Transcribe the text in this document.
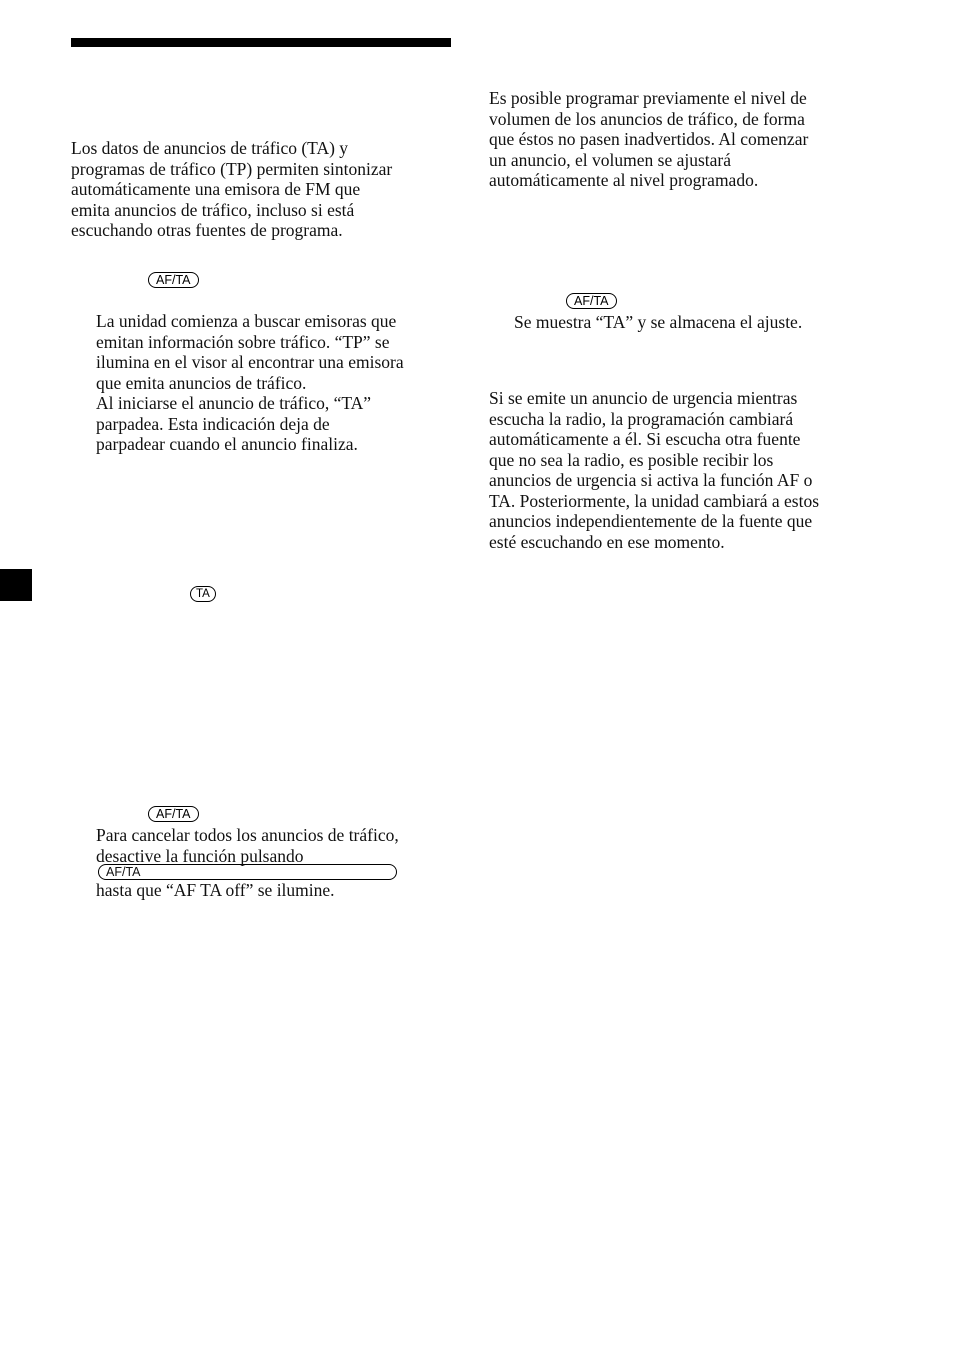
Los datos de anuncios de tráfico (TA) y
programas de tráfico (TP) permiten sintonizar
automáticamente una emisora de FM que
emita anuncios de tráfico, incluso si está
escuchando otras fuentes de programa.
AF/TA
La unidad comienza a buscar emisoras que
emitan información sobre tráfico. “TP” se
ilumina en el visor al encontrar una emisora
que emita anuncios de tráfico.
Al iniciarse el anuncio de tráfico, “TA”
parpadea. Esta indicación deja de
parpadear cuando el anuncio finaliza.
TA
AF/TA
Para cancelar todos los anuncios de tráfico,
desactive la función pulsando
AF/TA
hasta que “AF TA off” se ilumine.
Es posible programar previamente el nivel de
volumen de los anuncios de tráfico, de forma
que éstos no pasen inadvertidos. Al comenzar
un anuncio, el volumen se ajustará
automáticamente al nivel programado.
AF/TA
Se muestra “TA” y se almacena el ajuste.
Si se emite un anuncio de urgencia mientras
escucha la radio, la programación cambiará
automáticamente a él. Si escucha otra fuente
que no sea la radio, es posible recibir los
anuncios de urgencia si activa la función AF o
TA. Posteriormente, la unidad cambiará a estos
anuncios independientemente de la fuente que
esté escuchando en ese momento.
